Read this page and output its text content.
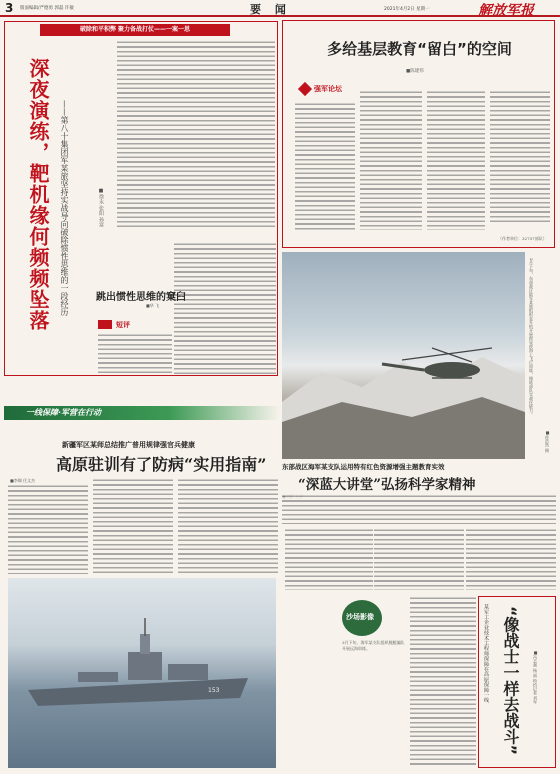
3 版面编辑/严德勇 郭磊 许敏	要 闻	2021年4月2日 星期一	解放军报
破除和平积弊 聚力备战打仗——一案一思
深夜演练，靶机缘何频频坠落 ——第八十集团军某旅坚持实战导向破除惯性思维的一段经历	■徐永 张阳 孙富
跳出惯性思维的窠臼
■华 飞
短评
多给基层教育“留白”的空间
■陈建伟
强军论坛
（作者单位：32737部队）
2月下旬，东部战区陆军某旅组织直升机开展跨昼夜海上飞行训练，锤炼部队实战化能力。
■孙浩然 摄
东部战区海军某支队运用特有红色资源增强主题教育实效
“深蓝大讲堂”弘扬科学家精神
一线保障·军营在行动
新疆军区某师总结推广普用规律强官兵健康
高原驻训有了防病“实用指南”
■李炯 任文杰
153
沙场影像
3月下旬，海军某支队组织舰艇编队开展远海训练。	“像战士一样去战斗”
某军工企业技术工程师保障在高原保障一线	■冯志强 杨 丽 特约记者 刘军
